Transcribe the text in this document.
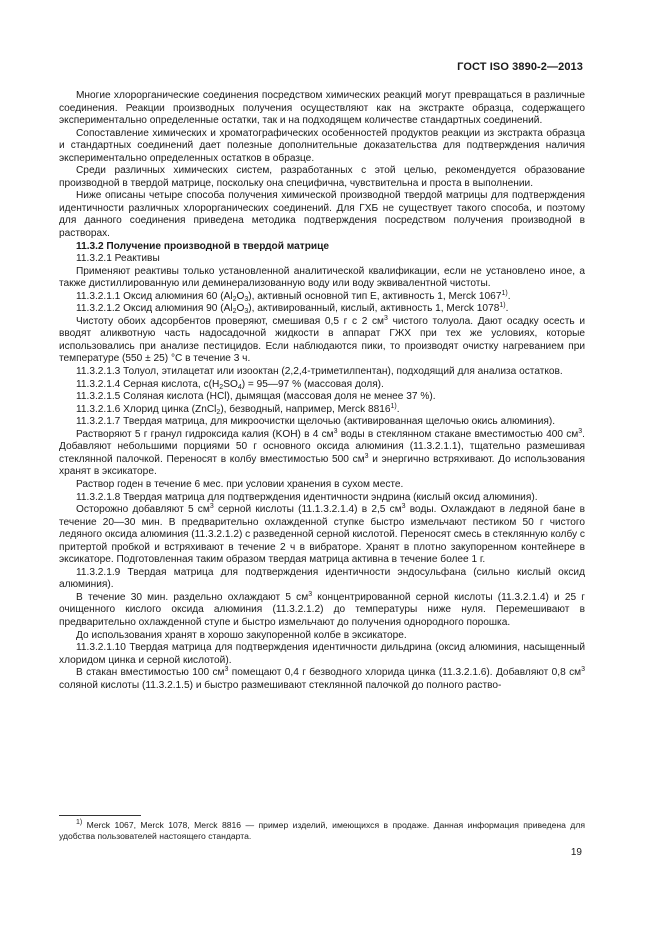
ГОСТ ISO 3890-2—2013

Многие хлорорганические соединения посредством химических реакций могут превращаться в различные соединения. Реакции производных получения осуществляют как на экстракте образца, содержащего экспериментально определенные остатки, так и на подходящем количестве стандартных соединений.

Сопоставление химических и хроматографических особенностей продуктов реакции из экстракта образца и стандартных соединений дает полезные дополнительные доказательства для подтверждения наличия экспериментально определенных остатков в образце.

Среди различных химических систем, разработанных с этой целью, рекомендуется образование производной в твердой матрице, поскольку она специфична, чувствительна и проста в выполнении.

Ниже описаны четыре способа получения химической производной твердой матрицы для подтверждения идентичности различных хлорорганических соединений. Для ГХБ не существует такого способа, и поэтому для данного соединения приведена методика подтверждения посредством получения производной в растворах.

11.3.2 Получение производной в твердой матрице

11.3.2.1 Реактивы

Применяют реактивы только установленной аналитической квалификации, если не установлено иное, а также дистиллированную или деминерализованную воду или воду эквивалентной чистоты.

11.3.2.1.1 Оксид алюминия 60 $(Al_2O_3)$, активный основной тип E, активность 1, Merck 1067$^{1)}$.

11.3.2.1.2 Оксид алюминия 90 $(Al_2O_3)$, активированный, кислый, активность 1, Merck 1078$^{1)}$.

Чистоту обоих адсорбентов проверяют, смешивая 0,5 г с 2 $см^3$ чистого толуола. Дают осадку осесть и вводят аликвотную часть надосадочной жидкости в аппарат ГЖХ при тех же условиях, которые использовались при анализе пестицидов. Если наблюдаются пики, то производят очистку нагреванием при температуре (550 ± 25) °С в течение 3 ч.

11.3.2.1.3 Толуол, этилацетат или изооктан (2,2,4-триметилпентан), подходящий для анализа остатков.

11.3.2.1.4 Серная кислота, $c(H_2SO_4)$ = 95—97 % (массовая доля).

11.3.2.1.5 Соляная кислота (HCl), дымящая (массовая доля не менее 37 %).

11.3.2.1.6 Хлорид цинка (ZnCl$_2$), безводный, например, Merck 8816$^{1)}$.

11.3.2.1.7 Твердая матрица, для микроочистки щелочью (активированная щелочью окись алюминия).

Растворяют 5 г гранул гидроксида калия (KOH) в 4 $см^3$ воды в стеклянном стакане вместимостью 400 $см^3$. Добавляют небольшими порциями 50 г основного оксида алюминия (11.3.2.1.1), тщательно размешивая стеклянной палочкой. Переносят в колбу вместимостью 500 $см^3$ и энергично встряхивают. До использования хранят в эксикаторе.

Раствор годен в течение 6 мес. при условии хранения в сухом месте.

11.3.2.1.8 Твердая матрица для подтверждения идентичности эндрина (кислый оксид алюминия).

Осторожно добавляют 5 $см^3$ серной кислоты (11.1.3.2.1.4) в 2,5 $см^3$ воды. Охлаждают в ледяной бане в течение 20—30 мин. В предварительно охлажденной ступке быстро измельчают пестиком 50 г чистого ледяного оксида алюминия (11.3.2.1.2) с разведенной серной кислотой. Переносят смесь в стеклянную колбу с притертой пробкой и встряхивают в течение 2 ч в вибраторе. Хранят в плотно закупоренном контейнере в эксикаторе. Подготовленная таким образом твердая матрица активна в течение более 1 г.

11.3.2.1.9 Твердая матрица для подтверждения идентичности эндосульфана (сильно кислый оксид алюминия).

В течение 30 мин. раздельно охлаждают 5 $см^3$ концентрированной серной кислоты (11.3.2.1.4) и 25 г очищенного кислого оксида алюминия (11.3.2.1.2) до температуры ниже нуля. Перемешивают в предварительно охлажденной ступе и быстро измельчают до получения однородного порошка.

До использования хранят в хорошо закупоренной колбе в эксикаторе.

11.3.2.1.10 Твердая матрица для подтверждения идентичности дильдрина (оксид алюминия, насыщенный хлоридом цинка и серной кислотой).

В стакан вместимостью 100 $см^3$ помещают 0,4 г безводного хлорида цинка (11.3.2.1.6). Добавляют 0,8 $см^3$ соляной кислоты (11.3.2.1.5) и быстро размешивают стеклянной палочкой до полного раство-

$^{1)}$ Merck 1067, Merck 1078, Merck 8816 — пример изделий, имеющихся в продаже. Данная информация приведена для удобства пользователей настоящего стандарта.

19
